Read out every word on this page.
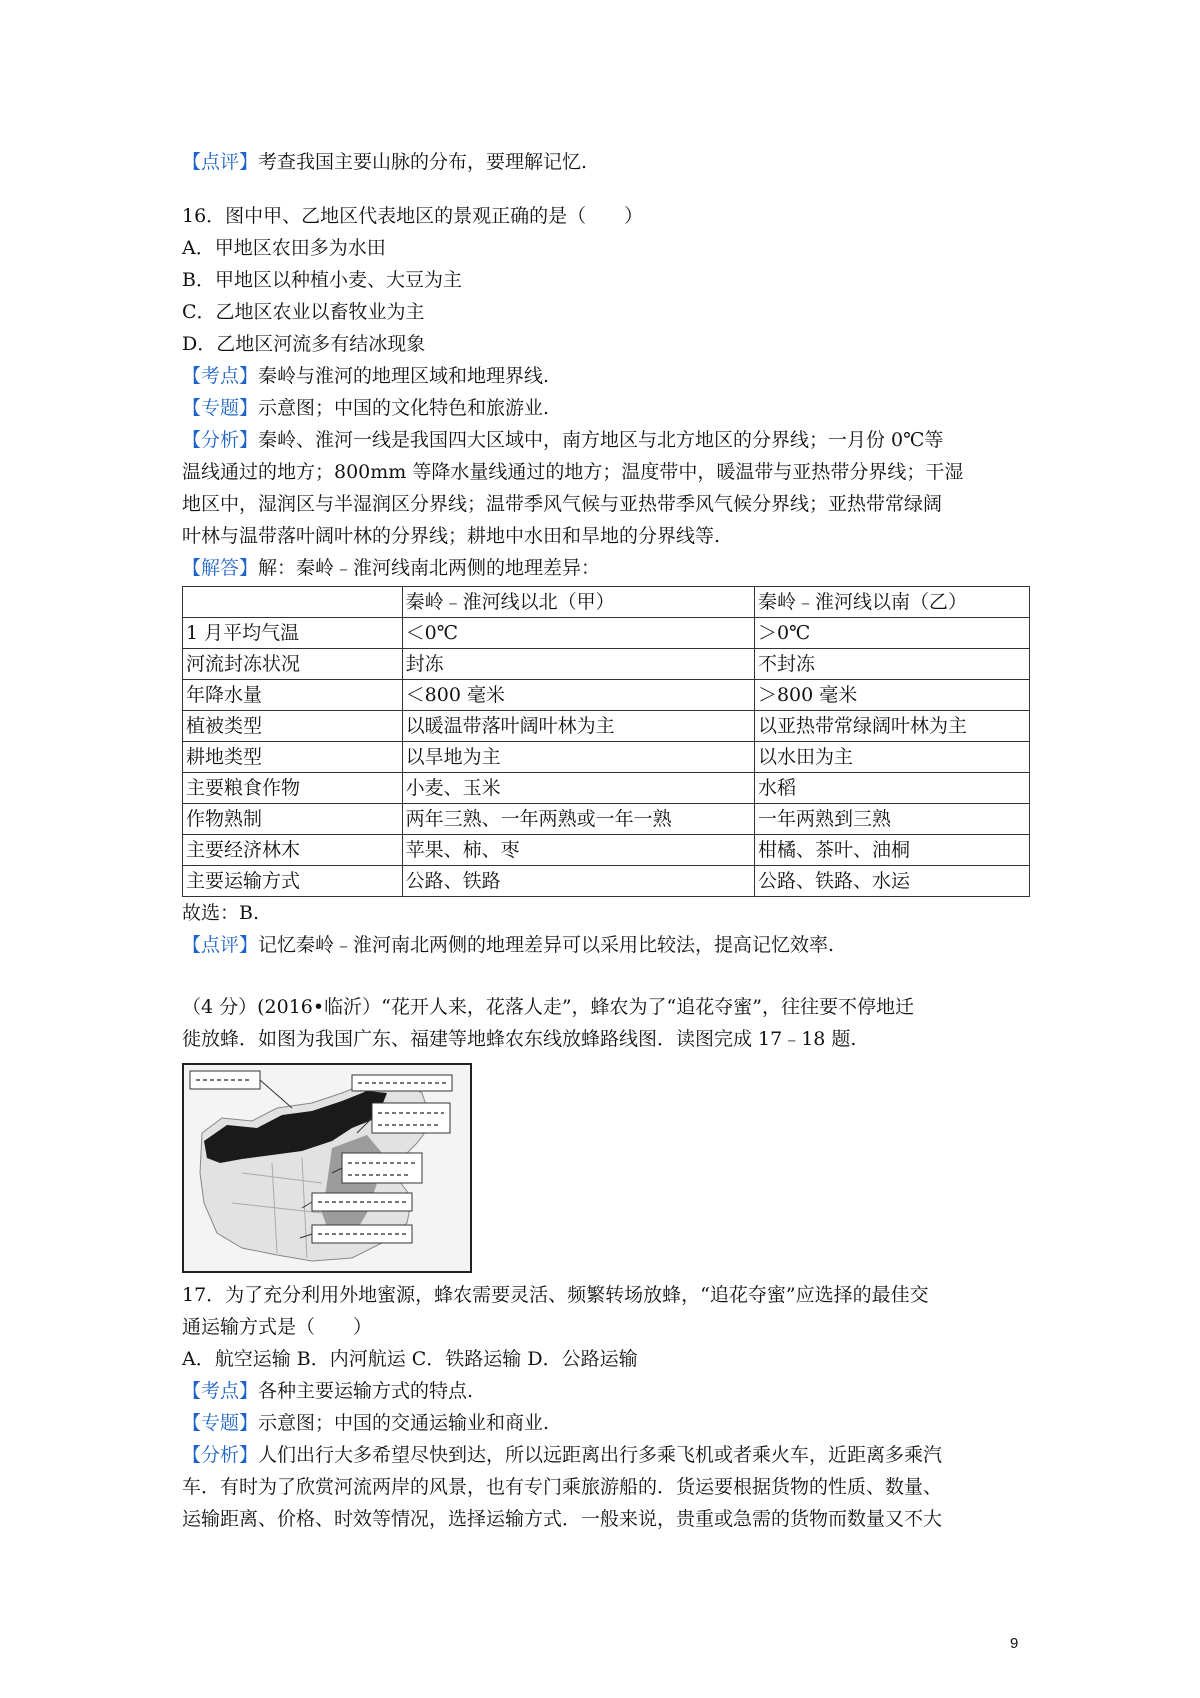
【点评】考查我国主要山脉的分布，要理解记忆.

16．图中甲、乙地区代表地区的景观正确的是（　　）

A．甲地区农田多为水田

B．甲地区以种植小麦、大豆为主

C．乙地区农业以畜牧业为主

D．乙地区河流多有结冰现象

【考点】秦岭与淮河的地理区域和地理界线.

【专题】示意图；中国的文化特色和旅游业.

【分析】秦岭、淮河一线是我国四大区域中，南方地区与北方地区的分界线；一月份 0℃等

温线通过的地方；800mm 等降水量线通过的地方；温度带中，暖温带与亚热带分界线；干湿

地区中，湿润区与半湿润区分界线；温带季风气候与亚热带季风气候分界线；亚热带常绿阔

叶林与温带落叶阔叶林的分界线；耕地中水田和旱地的分界线等.

【解答】解：秦岭﹣淮河线南北两侧的地理差异：

	秦岭﹣淮河线以北（甲）	秦岭﹣淮河线以南（乙）
1 月平均气温	＜0℃	＞0℃
河流封冻状况	封冻	不封冻
年降水量	＜800 毫米	＞800 毫米
植被类型	以暖温带落叶阔叶林为主	以亚热带常绿阔叶林为主
耕地类型	以旱地为主	以水田为主
主要粮食作物	小麦、玉米	水稻
作物熟制	两年三熟、一年两熟或一年一熟	一年两熟到三熟
主要经济林木	苹果、柿、枣	柑橘、茶叶、油桐
主要运输方式	公路、铁路	公路、铁路、水运

故选：B.

【点评】记忆秦岭﹣淮河南北两侧的地理差异可以采用比较法，提高记忆效率.

（4 分）(2016•临沂）“花开人来，花落人走”，蜂农为了“追花夺蜜”，往往要不停地迁

徙放蜂．如图为我国广东、福建等地蜂农东线放蜂路线图．读图完成 17﹣18 题.

17．为了充分利用外地蜜源，蜂农需要灵活、频繁转场放蜂，“追花夺蜜”应选择的最佳交

通运输方式是（　　）

A．航空运输 B．内河航运 C．铁路运输 D．公路运输

【考点】各种主要运输方式的特点.

【专题】示意图；中国的交通运输业和商业.

【分析】人们出行大多希望尽快到达，所以远距离出行多乘飞机或者乘火车，近距离多乘汽

车．有时为了欣赏河流两岸的风景，也有专门乘旅游船的．货运要根据货物的性质、数量、

运输距离、价格、时效等情况，选择运输方式．一般来说，贵重或急需的货物而数量又不大

9
